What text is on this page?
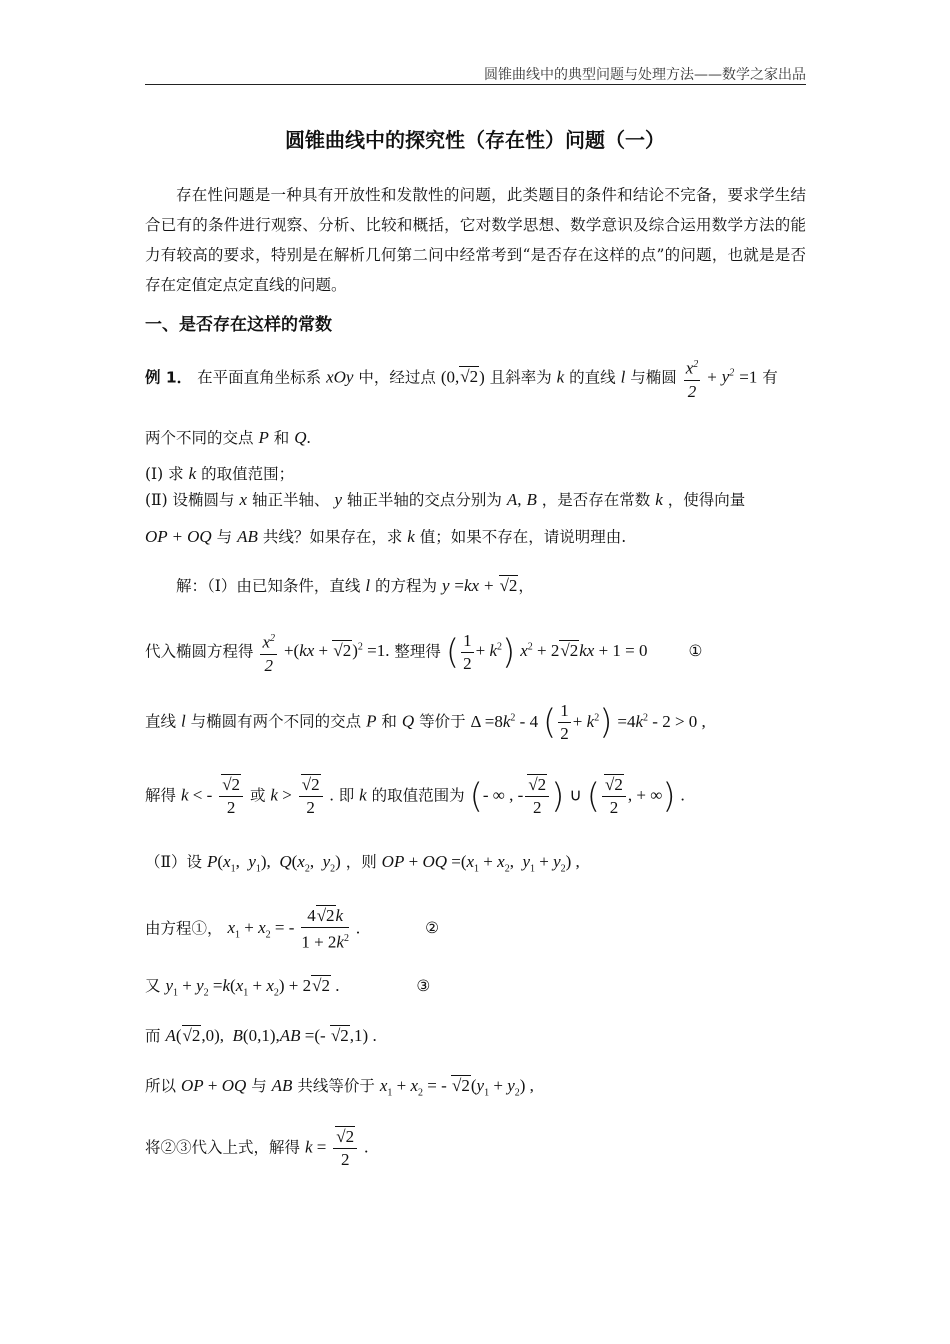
圆锥曲线中的典型问题与处理方法——数学之家出品
圆锥曲线中的探究性（存在性）问题（一）
存在性问题是一种具有开放性和发散性的问题，此类题目的条件和结论不完备，要求学生结合已有的条件进行观察、分析、比较和概括，它对数学思想、数学意识及综合运用数学方法的能力有较高的要求，特别是在解析几何第二问中经常考到“是否存在这样的点”的问题，也就是是否存在定值定点定直线的问题。
一、是否存在这样的常数
例 1． 在平面直角坐标系 xOy 中，经过点 (0,√2) 且斜率为 k 的直线 l 与椭圆 $\frac{x^2}{2} + y^2 =1$ 有
两个不同的交点 P 和 Q.
(Ⅰ) 求 k 的取值范围；
(Ⅱ) 设椭圆与 x 轴正半轴、 y 轴正半轴的交点分别为 A, B ，是否存在常数 k ，使得向量
OP + OQ 与 AB 共线？如果存在，求 k 值；如果不存在，请说明理由.
解：（Ⅰ）由已知条件，直线 l 的方程为 y =kx + √2，
代入椭圆方程得 $\frac{x^2}{2} +(kx + √2)^2 =1$. 整理得 ( $\frac{1}{2} + k^2$) $x^2 + 2√2kx + 1 = 0$	①
直线 l 与椭圆有两个不同的交点 P 和 Q 等价于 $\Delta =8k^2 - 4$ ( $\frac{1}{2} + k^2) =4k^2 - 2 > 0$ ,
解得 k < - $\frac{√2}{2}$ 或 $k > \frac{√2}{2}$ . 即 k 的取值范围为 (- ∞ , - $\frac{√2}{2}$ ) ∪ ( $\frac{√2}{2}$ , + ∞) .
（Ⅱ）设 $P(x_1$,  $y_1$),  $Q(x_2$,  $y_2$) ，则 OP + OQ $=(x_1 + x_2$,  $y_1 + y_2$) ,
由方程①， $x_1 + x_2$ = - $\frac{4√2k}{1 + 2k^2}$ .	②
又 $y_1 + y_2 =k(x_1 + x_2) + 2√2$ .	③
而 A(√2,0),  B(0,1),AB =(- √2,1) .
所以 OP + OQ 与 AB 共线等价于 $x_1 + x_2$ = - $√2(y_1 + y_2)$ ,
将②③代入上式，解得 $k = \frac{√2}{2}$ .
